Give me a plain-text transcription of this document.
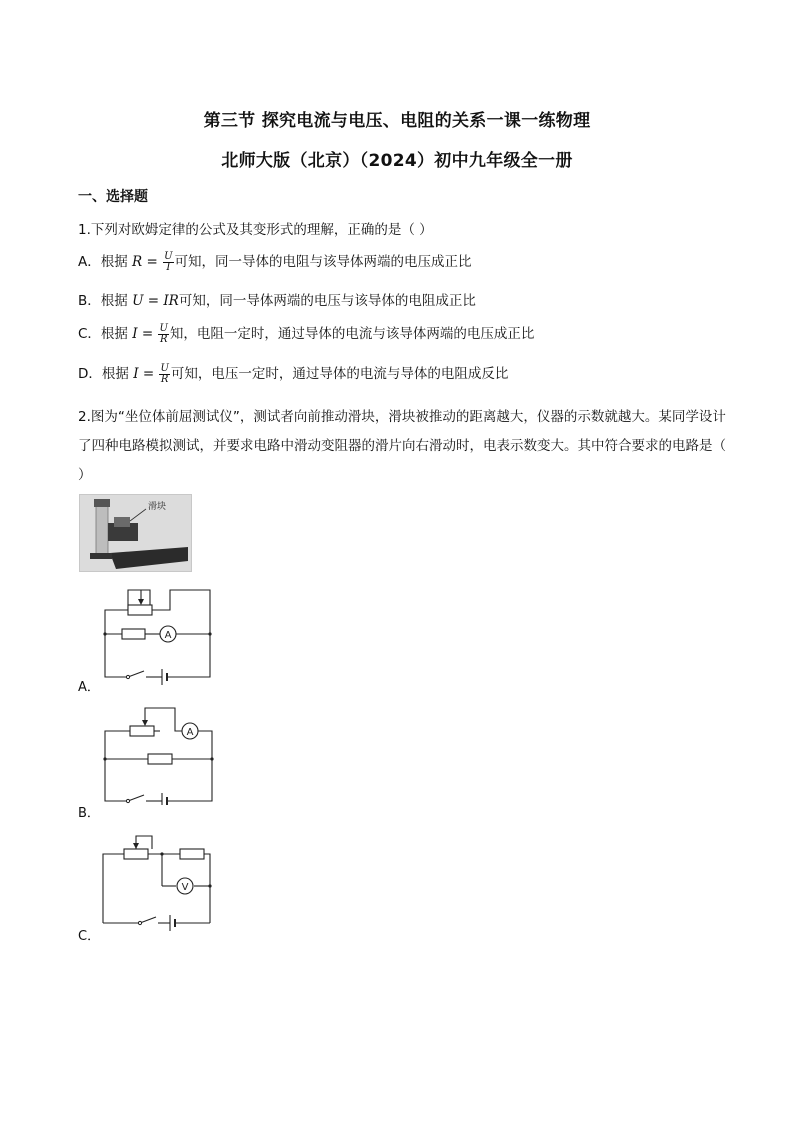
第三节 探究电流与电压、电阻的关系一课一练物理
北师大版（北京）（2024）初中九年级全一册
一、选择题
1.下列对欧姆定律的公式及其变形式的理解，正确的是（ ）
A．根据 $R = \frac{U}{I}$ 可知，同一导体的电阻与该导体两端的电压成正比
B．根据 U = IR可知，同一导体两端的电压与该导体的电阻成正比
C．根据 $I = \frac{U}{R}$ 知，电阻一定时，通过导体的电流与该导体两端的电压成正比
D．根据 $I = \frac{U}{R}$ 可知，电压一定时，通过导体的电流与导体的电阻成反比
2.图为“坐位体前屈测试仪”，测试者向前推动滑块，滑块被推动的距离越大，仪器的示数就越大。某同学设计了四种电路模拟测试，并要求电路中滑动变阻器的滑片向右滑动时，电表示数变大。其中符合要求的电路是（ ）
滑块
A
A．
A
B．
V
C．
